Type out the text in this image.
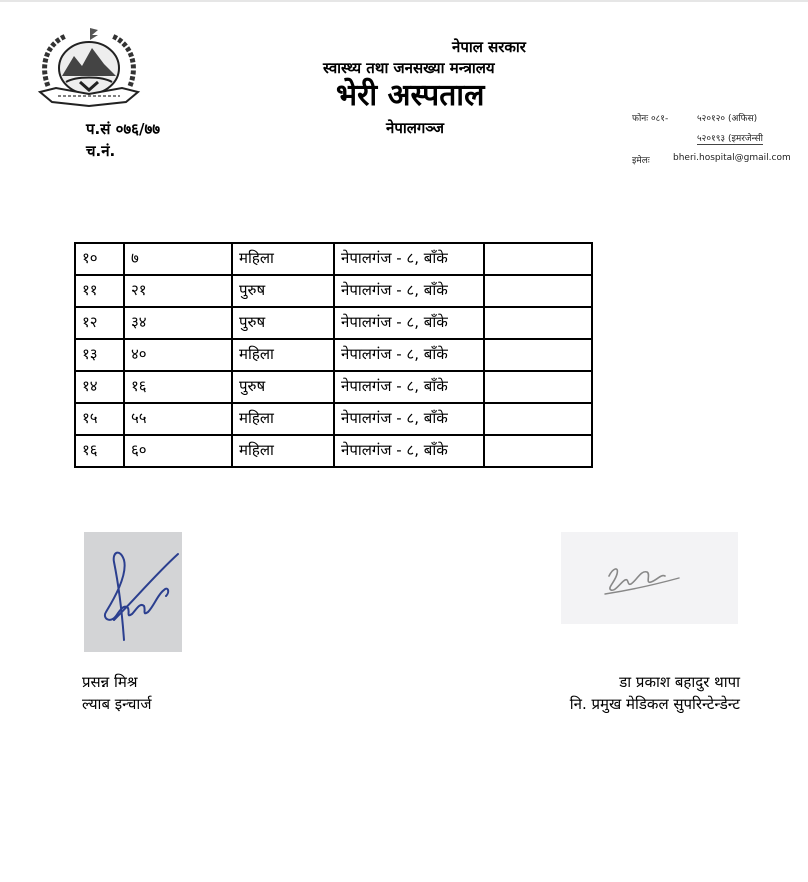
नेपाल सरकार
स्वास्थ्य तथा जनसख्या मन्त्रालय
भेरी अस्पताल
नेपालगञ्ज
प.सं ०७६/७७
च.नं.
फोनः ०८१-	५२०१२० (अफिस)
५२०१९३ (इमरजेन्सी
इमेलः	bheri.hospital@gmail.com
१०	७	महिला	नेपालगंज - ८, बाँके	
११	२१	पुरुष	नेपालगंज - ८, बाँके	
१२	३४	पुरुष	नेपालगंज - ८, बाँके	
१३	४०	महिला	नेपालगंज - ८, बाँके	
१४	१६	पुरुष	नेपालगंज - ८, बाँके	
१५	५५	महिला	नेपालगंज - ८, बाँके	
१६	६०	महिला	नेपालगंज - ८, बाँके	
प्रसन्न मिश्र
ल्याब इन्चार्ज
डा प्रकाश बहादुर थापा
नि. प्रमुख मेडिकल सुपरिन्टेन्डेन्ट
